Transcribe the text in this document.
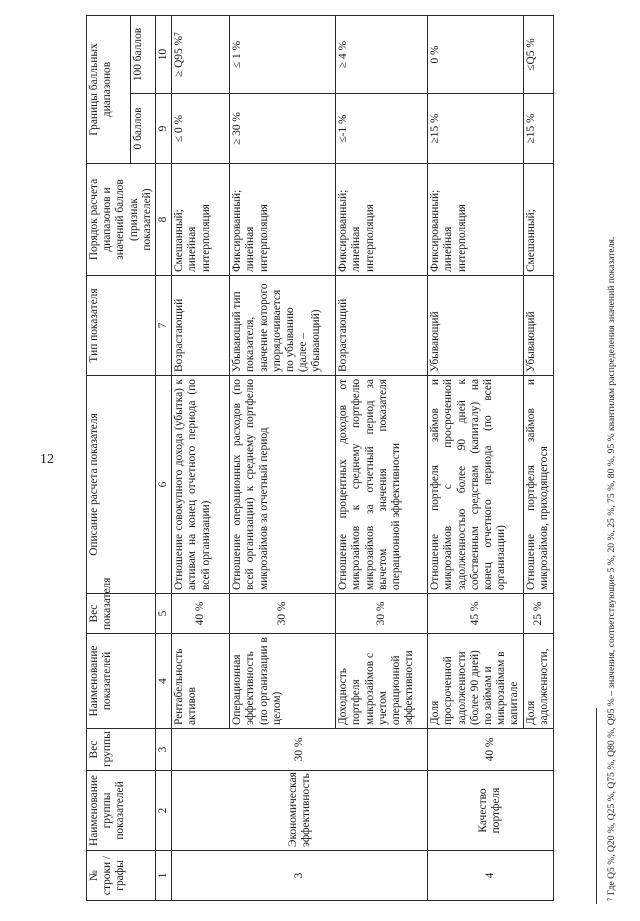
12
№ строки / графы	Наименование группы показателей	Вес группы	Наименование показателей	Вес показателя	Описание расчета показателя	Тип показателя	Порядок расчета диапазонов и значений баллов (признак показателей)	Границы балльных диапазонов	
								0 баллов	100 баллов
1	2	3	4	5	6	7	8	9	10
3	Экономическая эффективность	30 %	Рентабельность активов	40 %	Отношение совокупного дохода (убытка) к активам на конец отчетного периода (по всей организации)	Возрастающий	Смешанный; линейная интерполяция	≤ 0 %	≥ Q95 %⁷
			Операционная эффективность (по организации в целом)	30 %	Отношение операционных расходов (по всей организации) к среднему портфелю микрозаймов за отчетный период	Убывающий тип показателя, значение которого упорядочивается по убыванию (далее – убывающий)	Фиксированный; линейная интерполяция	≥ 30 %	≤ 1 %
			Доходность портфеля микрозаймов с учетом операционной эффективности	30 %	Отношение процентных доходов от микрозаймов к среднему портфелю микрозаймов за отчетный период за вычетом значения показателя операционной эффективности	Возрастающий	Фиксированный; линейная интерполяция	≤-1 %	≥ 4 %
4	Качество портфеля	40 %	Доля просроченной задолженности (более 90 дней) по займам и микрозаймам в капитале	45 %	Отношение портфеля займов и микрозаймов с просроченной задолженностью более 90 дней к собственным средствам (капиталу) на конец отчетного периода (по всей организации)	Убывающий	Фиксированный; линейная интерполяция	≥15 %	0 %
			Доля задолженности,	25 %	Отношение портфеля займов и микрозаймов, приходящегося	Убывающий	Смешанный;	≥15 %	≤Q5 %
⁷ Где Q5 %, Q20 %, Q25 %, Q75 %, Q80 %, Q95 % – значения, соответствующие 5 %, 20 %, 25 %, 75 %, 80 %, 95 % квантилям распределения значений показателя.
